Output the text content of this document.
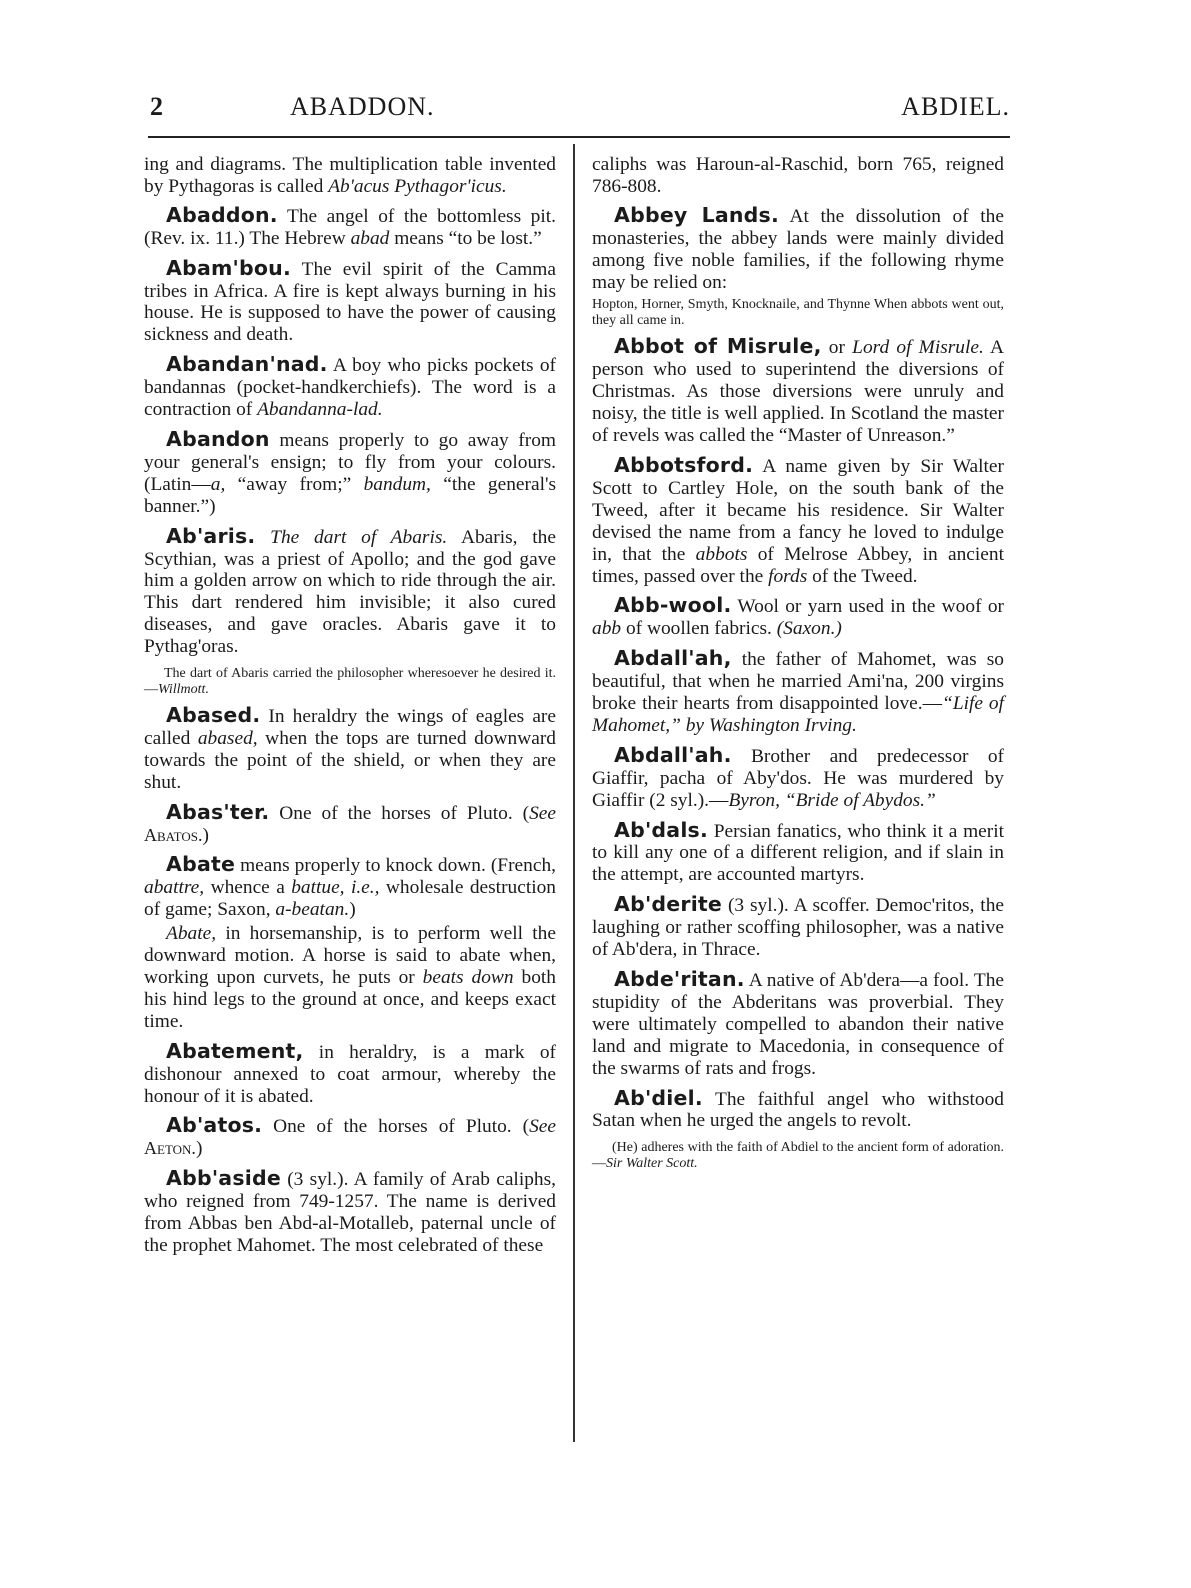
2	ABADDON.	ABDIEL.

ing and diagrams. The multiplication table invented by Pythagoras is called Ab'acus Pythagor'icus.

Abaddon. The angel of the bottomless pit. (Rev. ix. 11.) The Hebrew abad means “to be lost.”

Abam'bou. The evil spirit of the Camma tribes in Africa. A fire is kept always burning in his house. He is supposed to have the power of causing sickness and death.

Abandan'nad. A boy who picks pockets of bandannas (pocket-handkerchiefs). The word is a contraction of Abandanna-lad.

Abandon means properly to go away from your general's ensign; to fly from your colours. (Latin—a, “away from;” bandum, “the general's banner.”)

Ab'aris. The dart of Abaris. Abaris, the Scythian, was a priest of Apollo; and the god gave him a golden arrow on which to ride through the air. This dart rendered him invisible; it also cured diseases, and gave oracles. Abaris gave it to Pythag'oras.

The dart of Abaris carried the philosopher wheresoever he desired it.—Willmott.

Abased. In heraldry the wings of eagles are called abased, when the tops are turned downward towards the point of the shield, or when they are shut.

Abas'ter. One of the horses of Pluto. (See Abatos.)

Abate means properly to knock down. (French, abattre, whence a battue, i.e., wholesale destruction of game; Saxon, a-beatan.)

Abate, in horsemanship, is to perform well the downward motion. A horse is said to abate when, working upon curvets, he puts or beats down both his hind legs to the ground at once, and keeps exact time.

Abatement, in heraldry, is a mark of dishonour annexed to coat armour, whereby the honour of it is abated.

Ab'atos. One of the horses of Pluto. (See Aeton.)

Abb'aside (3 syl.). A family of Arab caliphs, who reigned from 749-1257. The name is derived from Abbas ben Abd-al-Motalleb, paternal uncle of the prophet Mahomet. The most celebrated of these

caliphs was Haroun-al-Raschid, born 765, reigned 786-808.

Abbey Lands. At the dissolution of the monasteries, the abbey lands were mainly divided among five noble families, if the following rhyme may be relied on:

Hopton, Horner, Smyth, Knocknaile, and Thynne When abbots went out, they all came in.

Abbot of Misrule, or Lord of Misrule. A person who used to superintend the diversions of Christmas. As those diversions were unruly and noisy, the title is well applied. In Scotland the master of revels was called the “Master of Unreason.”

Abbotsford. A name given by Sir Walter Scott to Cartley Hole, on the south bank of the Tweed, after it became his residence. Sir Walter devised the name from a fancy he loved to indulge in, that the abbots of Melrose Abbey, in ancient times, passed over the fords of the Tweed.

Abb-wool. Wool or yarn used in the woof or abb of woollen fabrics. (Saxon.)

Abdall'ah, the father of Mahomet, was so beautiful, that when he married Ami'na, 200 virgins broke their hearts from disappointed love.—“Life of Mahomet,” by Washington Irving.

Abdall'ah. Brother and predecessor of Giaffir, pacha of Aby'dos. He was murdered by Giaffir (2 syl.).—Byron, “Bride of Abydos.”

Ab'dals. Persian fanatics, who think it a merit to kill any one of a different religion, and if slain in the attempt, are accounted martyrs.

Ab'derite (3 syl.). A scoffer. Democ'ritos, the laughing or rather scoffing philosopher, was a native of Ab'dera, in Thrace.

Abde'ritan. A native of Ab'dera—a fool. The stupidity of the Abderitans was proverbial. They were ultimately compelled to abandon their native land and migrate to Macedonia, in consequence of the swarms of rats and frogs.

Ab'diel. The faithful angel who withstood Satan when he urged the angels to revolt.

(He) adheres with the faith of Abdiel to the ancient form of adoration.—Sir Walter Scott.
